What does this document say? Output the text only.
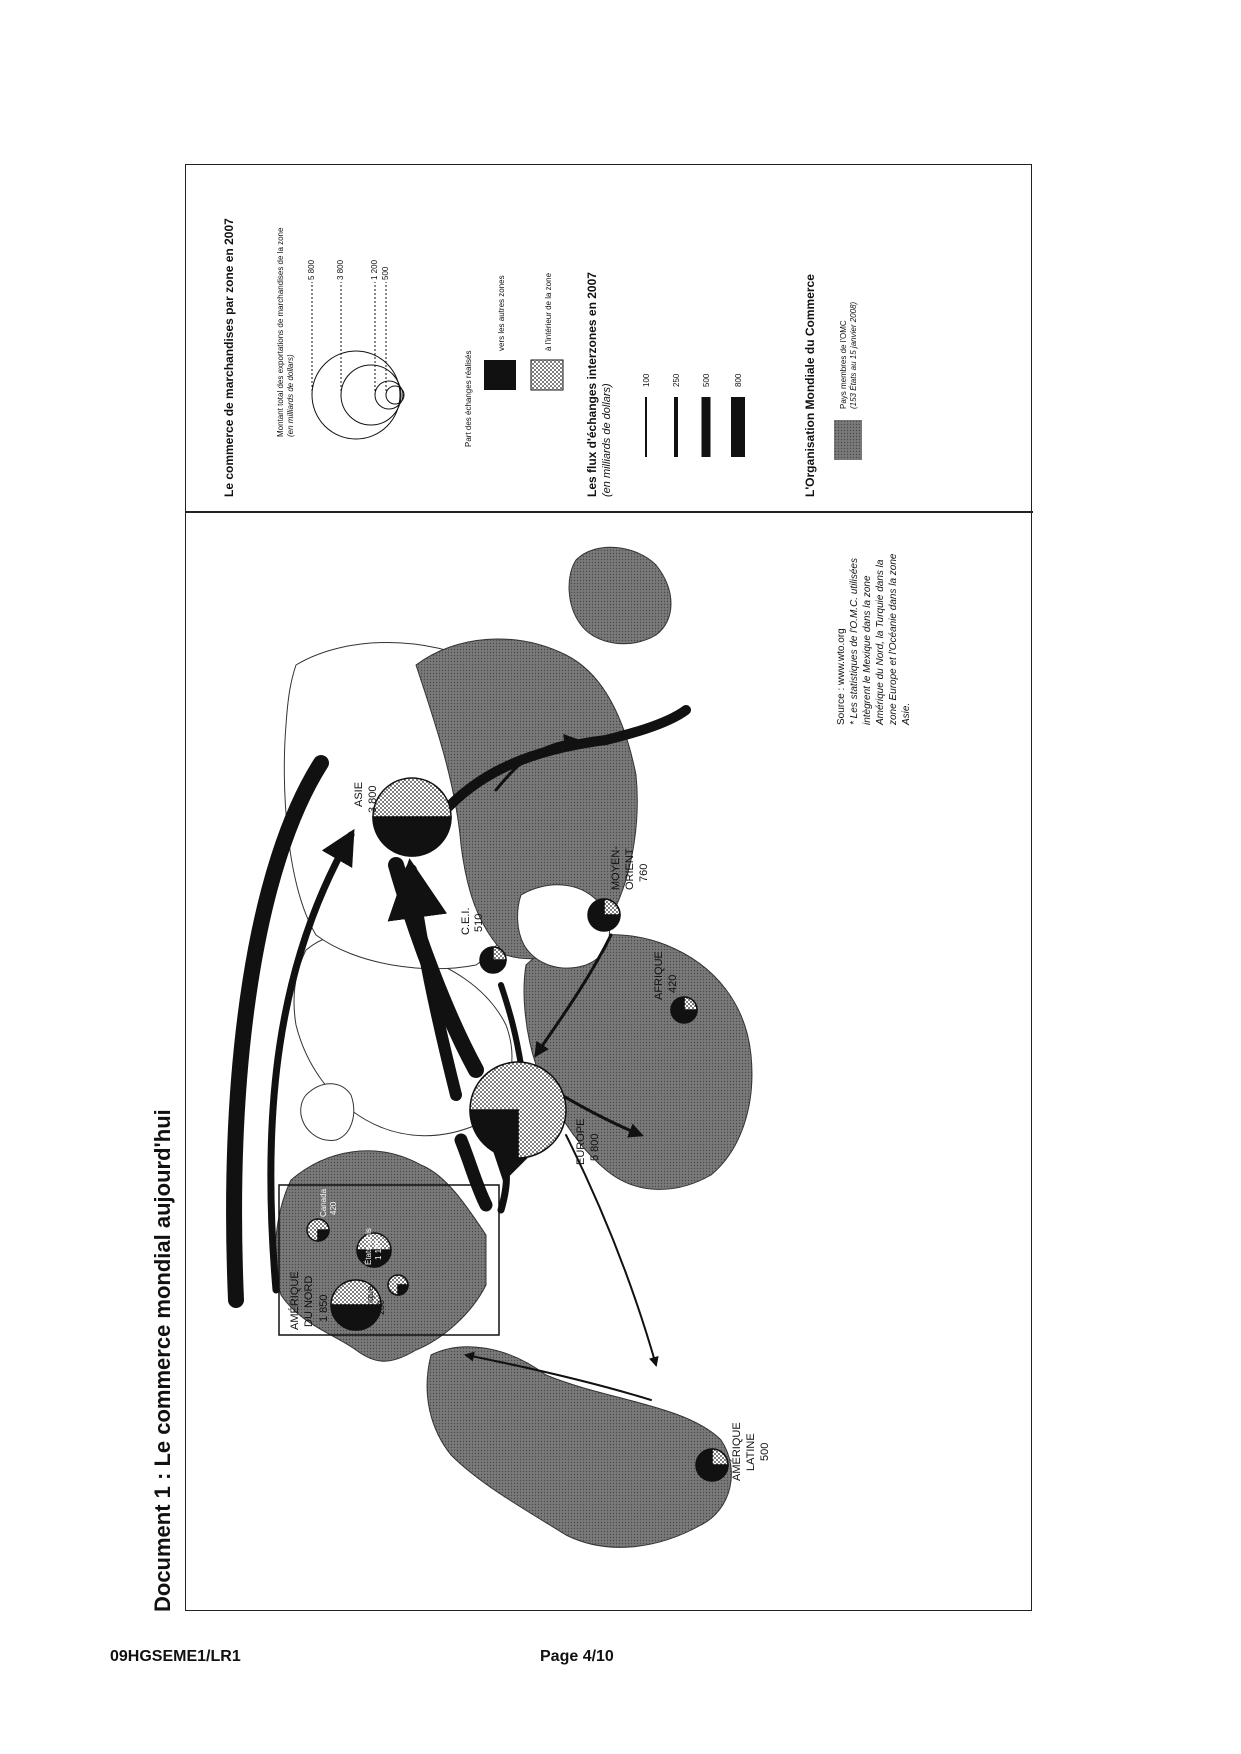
Document 1 : Le commerce mondial aujourd'hui	AMÉRIQUE DU NORD 1 850	Mexique 280
États-Unis 1 150
Canada 420
EUROPE 5 800
ASIE 3 800
C.E.I. 510
MOYEN- ORIENT 760
AFRIQUE 420
AMÉRIQUE LATINE 500
Source : www.wto.org * Les statistiques de l'O.M.C. utilisées intègrent le Mexique dans la zone Amérique du Nord, la Turquie dans la zone Europe et l'Océanie dans la zone Asie.
Le commerce de marchandises par zone en 2007	Montant total des exportations de marchandises de la zone (en milliards de dollars)
5 800	3 800	1 200 500
Part des échanges réalisés
vers les autres zones	à l'intérieur de la zone	Les flux d'échanges interzones en 2007 (en milliards de dollars)
100	250	500	800	L'Organisation Mondiale du Commerce	Pays membres de l'OMC (153 États au 15 janvier 2008)
09HGSEME1/LR1	Page 4/10
